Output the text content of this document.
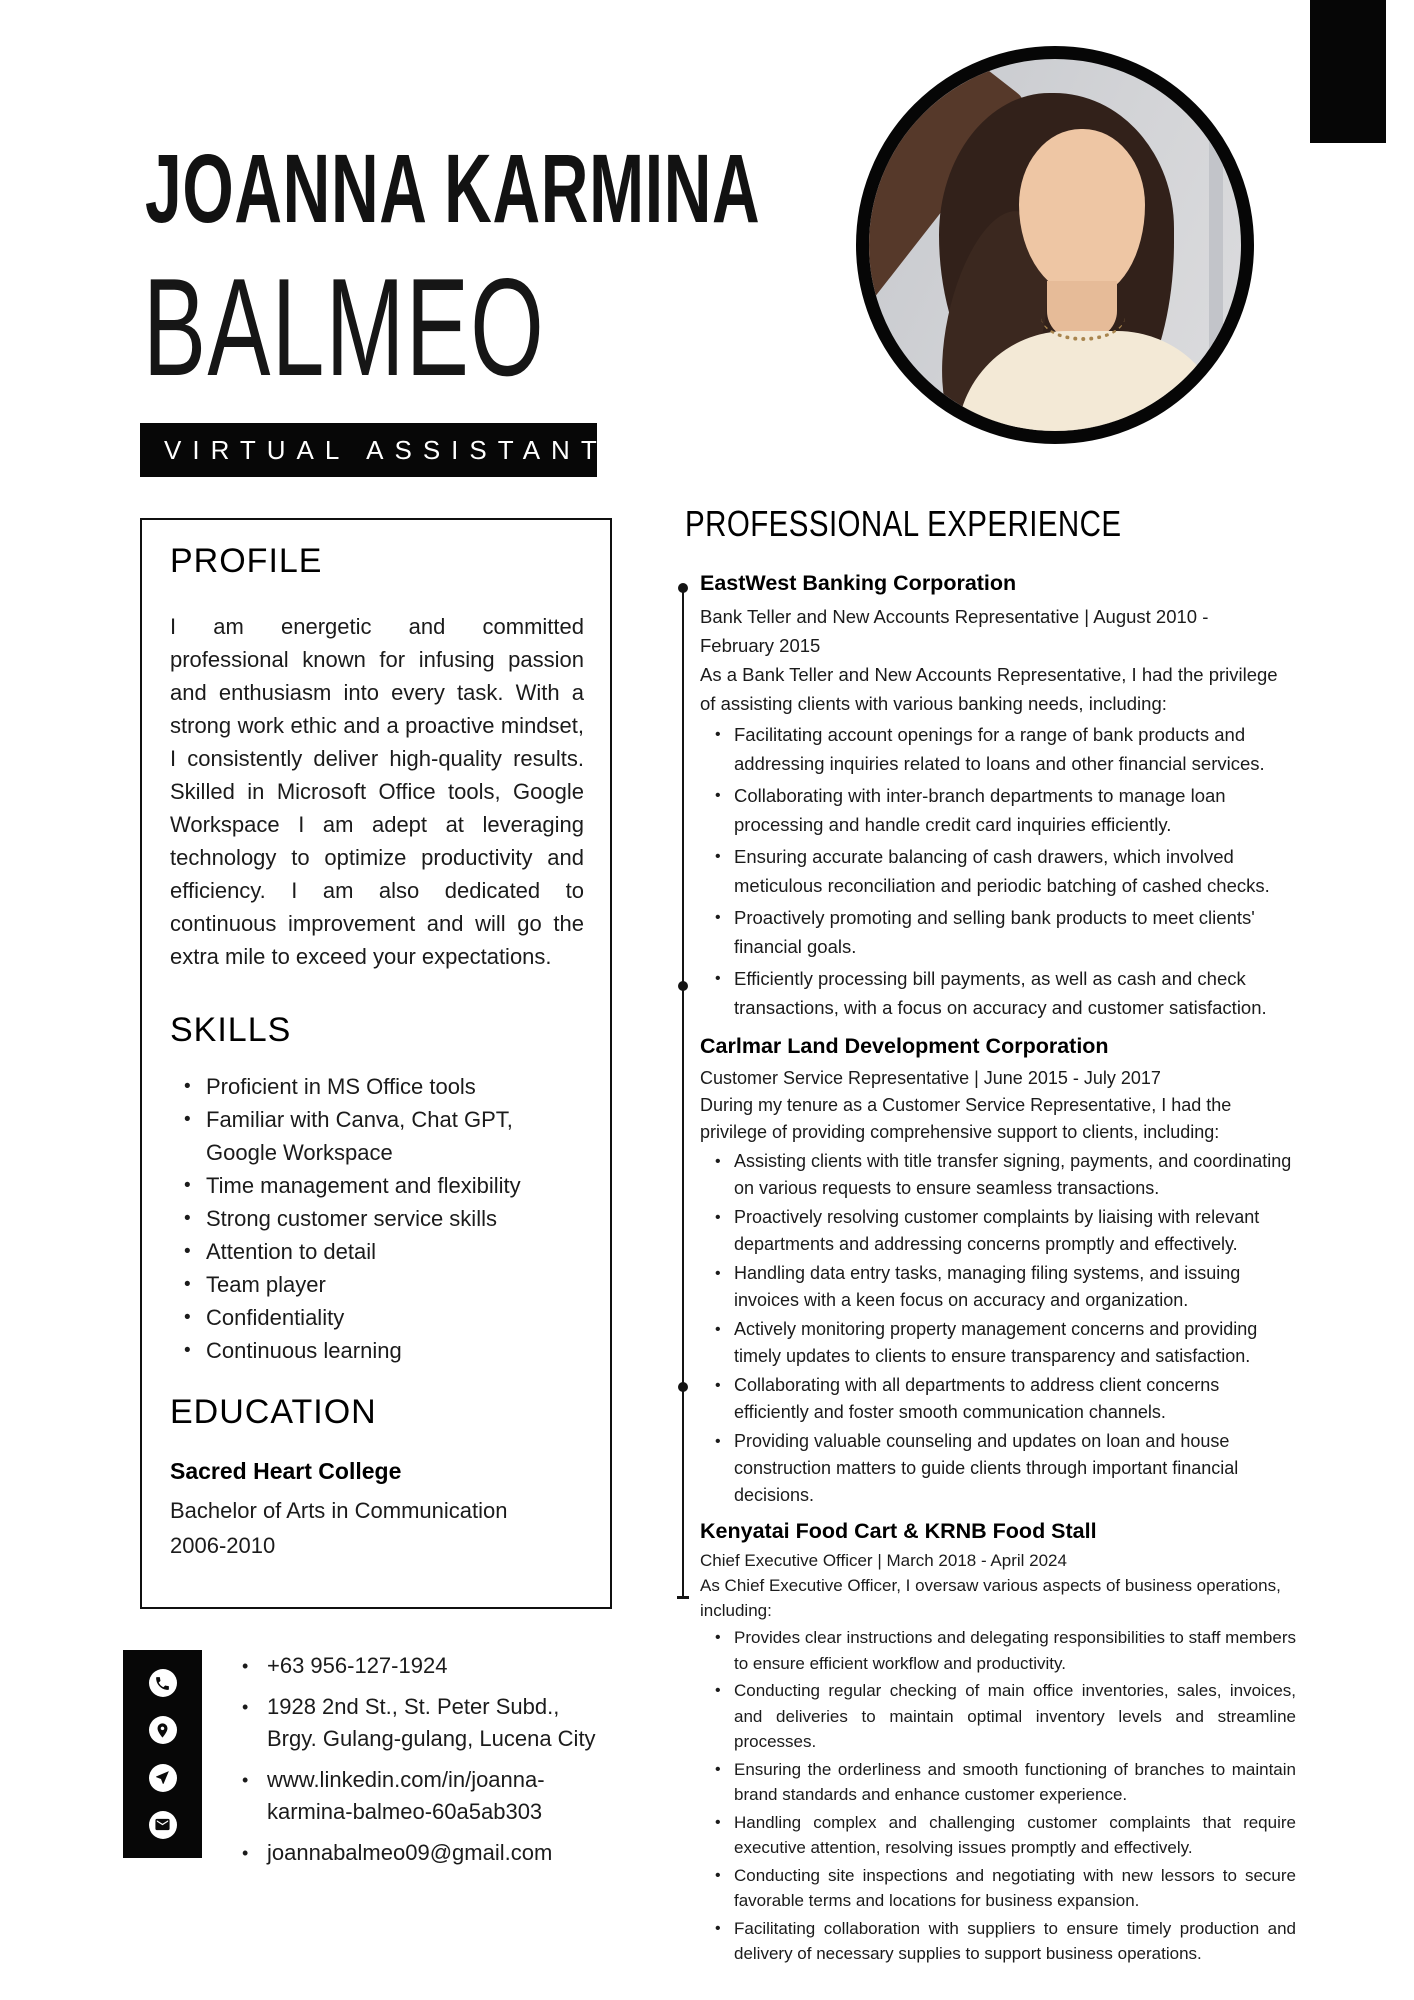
JOANNA KARMINA
BALMEO
VIRTUAL ASSISTANT
PROFILE

I am energetic and committed professional known for infusing passion and enthusiasm into every task. With a strong work ethic and a proactive mindset, I consistently deliver high-quality results. Skilled in Microsoft Office tools, Google Workspace I am adept at leveraging technology to optimize productivity and efficiency. I am also dedicated to continuous improvement and will go the extra mile to exceed your expectations.

SKILLS
• Proficient in MS Office tools
• Familiar with Canva, Chat GPT, Google Workspace
• Time management and flexibility
• Strong customer service skills
• Attention to detail
• Team player
• Confidentiality
• Continuous learning
EDUCATION
Sacred Heart College
Bachelor of Arts in Communication
2006-2010
• +63 956-127-1924
• 1928 2nd St., St. Peter Subd., Brgy. Gulang-gulang, Lucena City
• www.linkedin.com/in/joanna-karmina-balmeo-60a5ab303
• joannabalmeo09@gmail.com
PROFESSIONAL EXPERIENCE
EastWest Banking Corporation

Bank Teller and New Accounts Representative | August 2010 - February 2015

As a Bank Teller and New Accounts Representative, I had the privilege of assisting clients with various banking needs, including:

• Facilitating account openings for a range of bank products and addressing inquiries related to loans and other financial services.
• Collaborating with inter-branch departments to manage loan processing and handle credit card inquiries efficiently.
• Ensuring accurate balancing of cash drawers, which involved meticulous reconciliation and periodic batching of cashed checks.
• Proactively promoting and selling bank products to meet clients' financial goals.
• Efficiently processing bill payments, as well as cash and check transactions, with a focus on accuracy and customer satisfaction.
Carlmar Land Development Corporation

Customer Service Representative | June 2015 - July 2017

During my tenure as a Customer Service Representative, I had the privilege of providing comprehensive support to clients, including:

• Assisting clients with title transfer signing, payments, and coordinating on various requests to ensure seamless transactions.
• Proactively resolving customer complaints by liaising with relevant departments and addressing concerns promptly and effectively.
• Handling data entry tasks, managing filing systems, and issuing invoices with a keen focus on accuracy and organization.
• Actively monitoring property management concerns and providing timely updates to clients to ensure transparency and satisfaction.
• Collaborating with all departments to address client concerns efficiently and foster smooth communication channels.
• Providing valuable counseling and updates on loan and house construction matters to guide clients through important financial decisions.
Kenyatai Food Cart & KRNB Food Stall

Chief Executive Officer | March 2018 - April 2024

As Chief Executive Officer, I oversaw various aspects of business operations, including:

• Provides clear instructions and delegating responsibilities to staff members to ensure efficient workflow and productivity.
• Conducting regular checking of main office inventories, sales, invoices, and deliveries to maintain optimal inventory levels and streamline processes.
• Ensuring the orderliness and smooth functioning of branches to maintain brand standards and enhance customer experience.
• Handling complex and challenging customer complaints that require executive attention, resolving issues promptly and effectively.
• Conducting site inspections and negotiating with new lessors to secure favorable terms and locations for business expansion.
• Facilitating collaboration with suppliers to ensure timely production and delivery of necessary supplies to support business operations.
